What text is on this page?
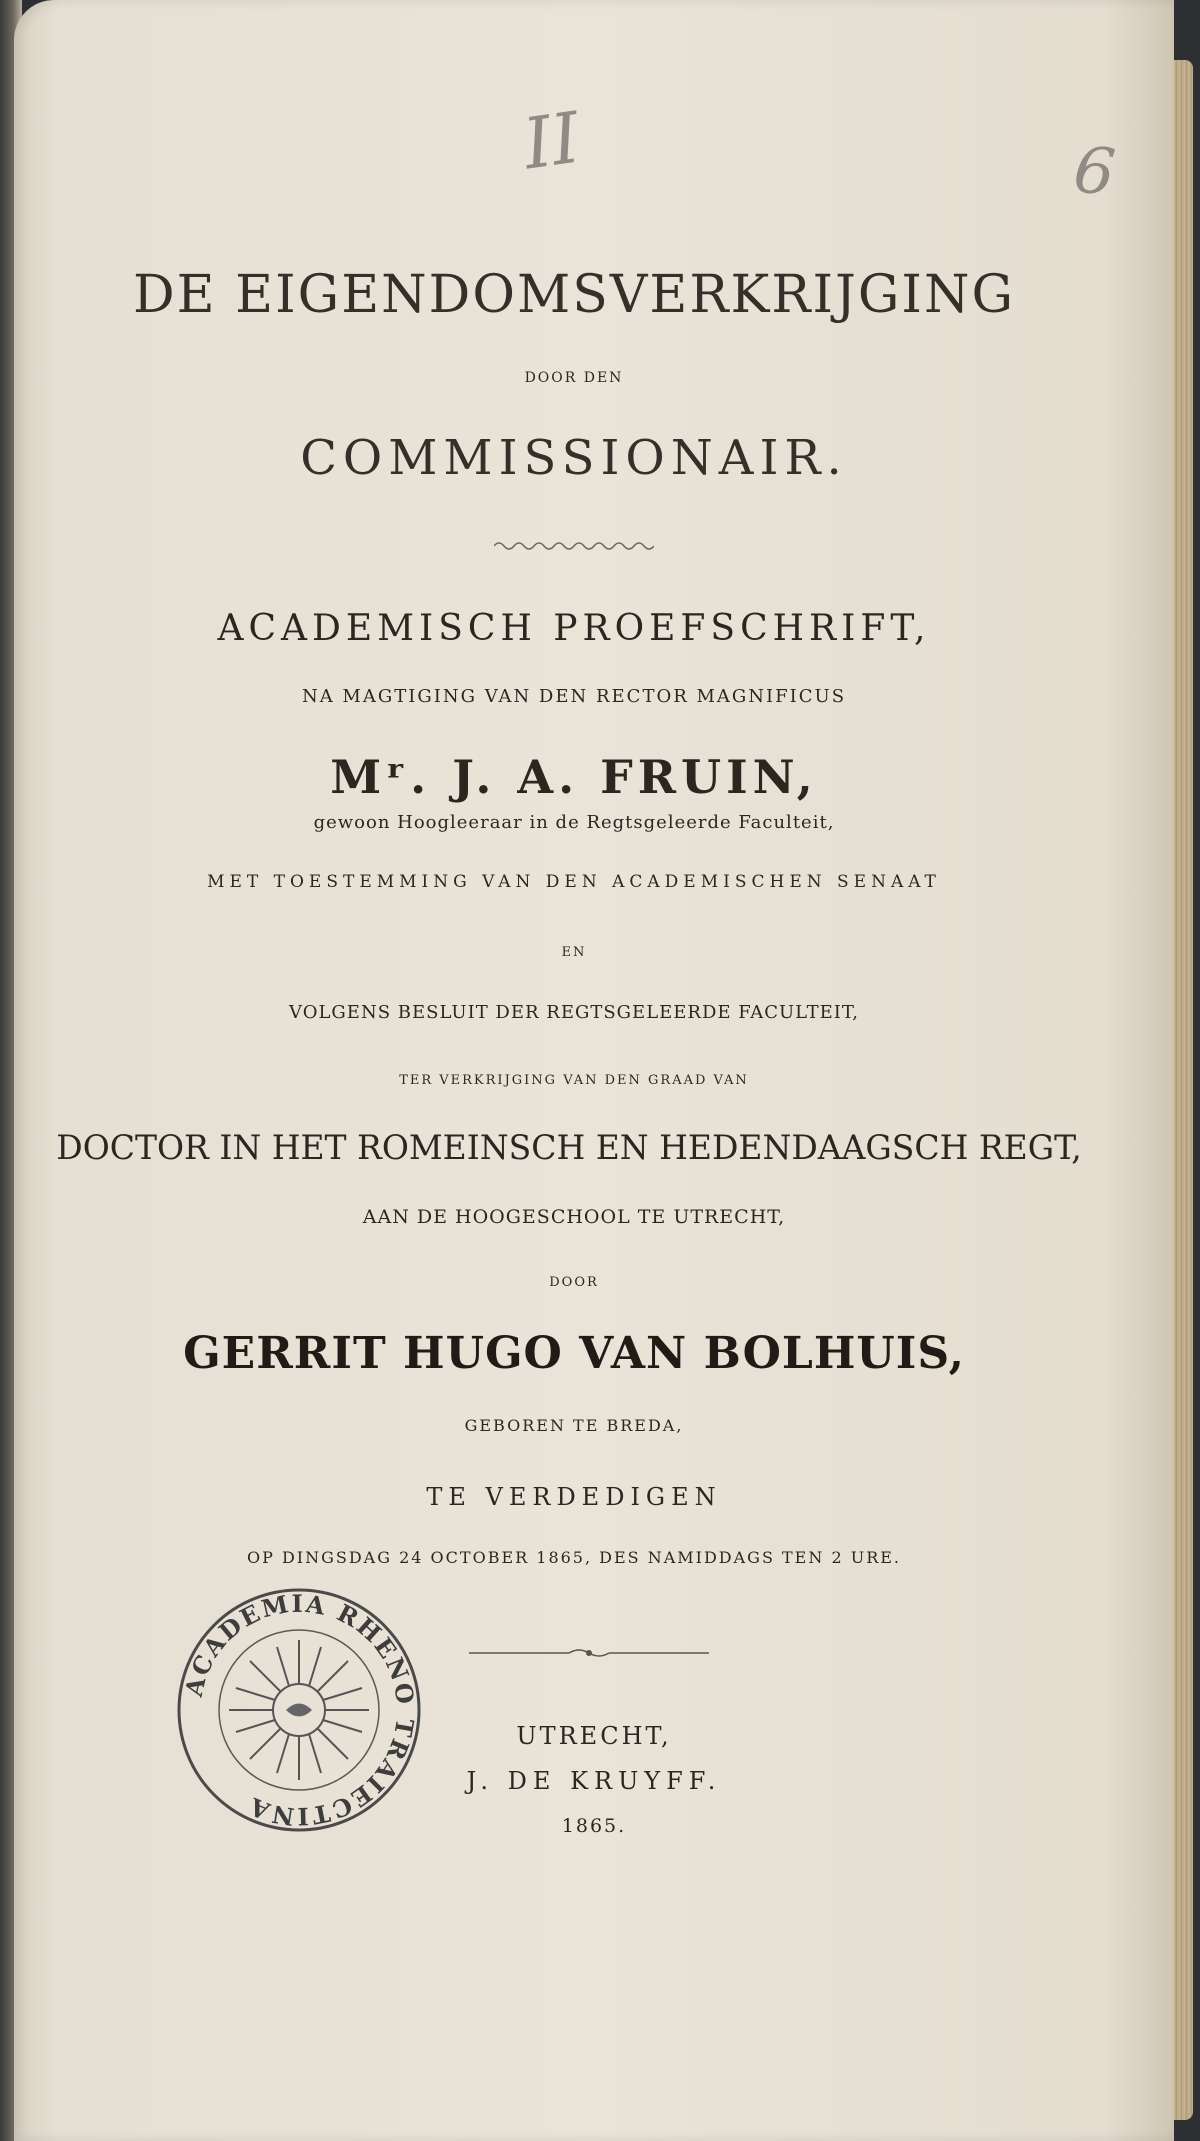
II	6
DE EIGENDOMSVERKRIJGING
DOOR DEN
COMMISSIONAIR.
ACADEMISCH PROEFSCHRIFT,
NA MAGTIGING VAN DEN RECTOR MAGNIFICUS
Mʳ. J. A. FRUIN,
gewoon Hoogleeraar in de Regtsgeleerde Faculteit,
MET TOESTEMMING VAN DEN ACADEMISCHEN SENAAT
EN
VOLGENS BESLUIT DER REGTSGELEERDE FACULTEIT,
TER VERKRIJGING VAN DEN GRAAD VAN
DOCTOR IN HET ROMEINSCH EN HEDENDAAGSCH REGT,
AAN DE HOOGESCHOOL TE UTRECHT,
DOOR
GERRIT HUGO VAN BOLHUIS,
GEBOREN TE BREDA,
TE VERDEDIGEN
OP DINGSDAG 24 OCTOBER 1865, DES NAMIDDAGS TEN 2 URE.
UTRECHT,
J. DE KRUYFF.
1865.
ACADEMIA RHENO TRAIECTINA
